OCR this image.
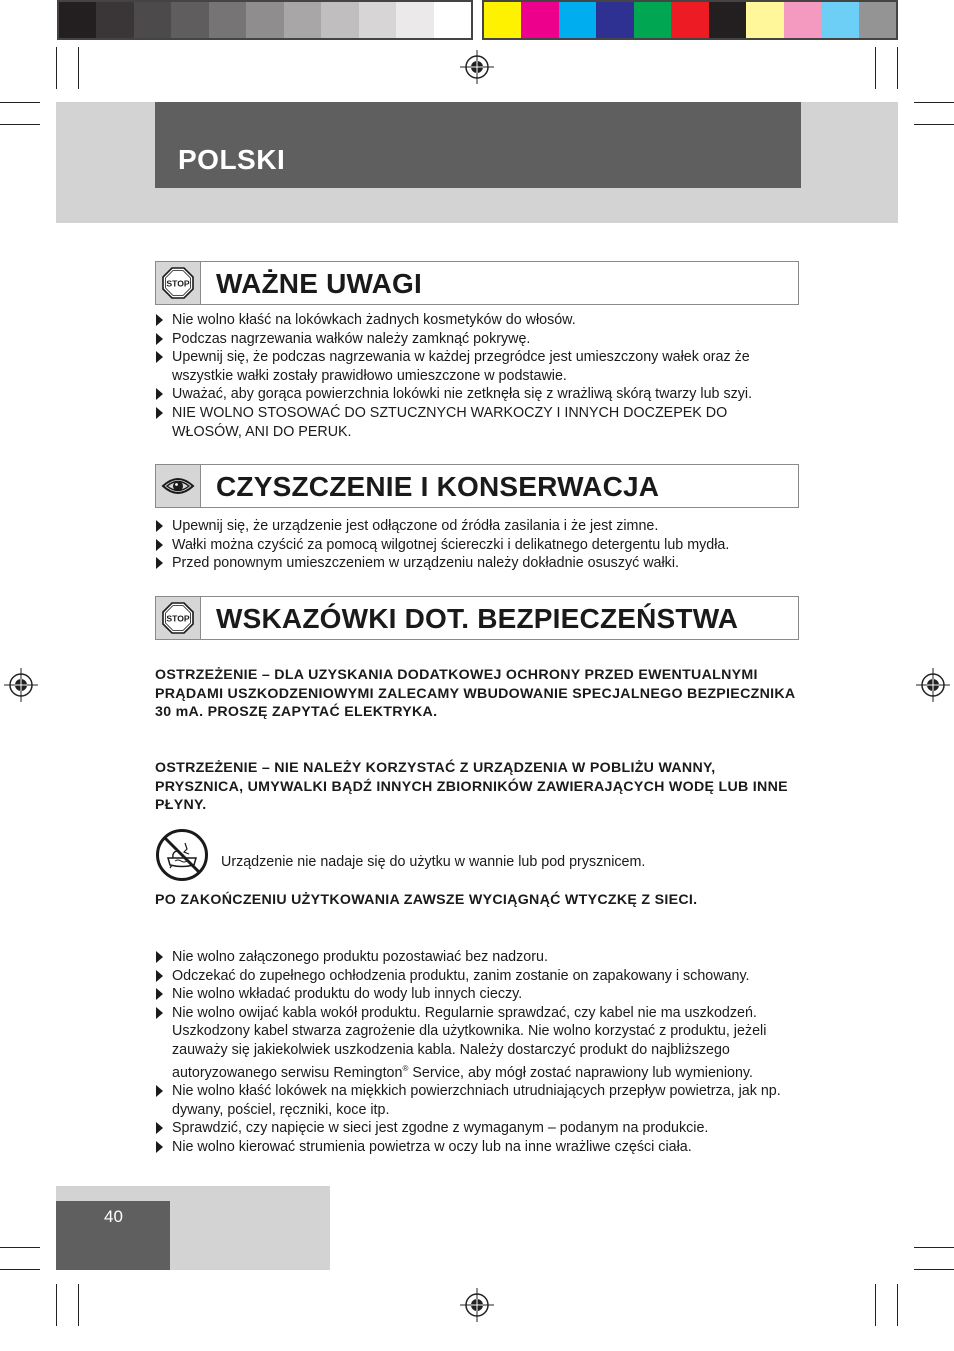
POLSKI
STOP WAŻNE UWAGI
Nie wolno kłaść na lokówkach żadnych kosmetyków do włosów.
Podczas nagrzewania wałków należy zamknąć pokrywę.
Upewnij się, że podczas nagrzewania w każdej przegródce jest umieszczony wałek oraz że wszystkie wałki zostały prawidłowo umieszczone w podstawie.
Uważać, aby gorąca powierzchnia lokówki nie zetknęła się z wrażliwą skórą twarzy lub szyi.
NIE WOLNO STOSOWAĆ DO SZTUCZNYCH WARKOCZY I INNYCH DOCZEPEK DO WŁOSÓW, ANI DO PERUK.
CZYSZCZENIE I KONSERWACJA
Upewnij się, że urządzenie jest odłączone od źródła zasilania i że jest zimne.
Wałki można czyścić za pomocą wilgotnej ściereczki i delikatnego detergentu lub mydła.
Przed ponownym umieszczeniem w urządzeniu należy dokładnie osuszyć wałki.
STOP WSKAZÓWKI DOT. BEZPIECZEŃSTWA
OSTRZEŻENIE – DLA UZYSKANIA DODATKOWEJ OCHRONY PRZED EWENTUALNYMI PRĄDAMI USZKODZENIOWYMI ZALECAMY WBUDOWANIE SPECJALNEGO BEZPIECZNIKA 30 mA. PROSZĘ ZAPYTAĆ ELEKTRYKA.
OSTRZEŻENIE – NIE NALEŻY KORZYSTAĆ Z URZĄDZENIA W POBLIŻU WANNY, PRYSZNICA, UMYWALKI BĄDŹ INNYCH ZBIORNIKÓW ZAWIERAJĄCYCH WODĘ LUB INNE PŁYNY.
Urządzenie nie nadaje się do użytku w wannie lub pod prysznicem.
PO ZAKOŃCZENIU UŻYTKOWANIA ZAWSZE WYCIĄGNĄĆ WTYCZKĘ Z SIECI.
Nie wolno załączonego produktu pozostawiać bez nadzoru.
Odczekać do zupełnego ochłodzenia produktu, zanim zostanie on zapakowany i schowany.
Nie wolno wkładać produktu do wody lub innych cieczy.
Nie wolno owijać kabla wokół produktu. Regularnie sprawdzać, czy kabel nie ma uszkodzeń. Uszkodzony kabel stwarza zagrożenie dla użytkownika. Nie wolno korzystać z produktu, jeżeli zauważy się jakiekolwiek uszkodzenia kabla. Należy dostarczyć produkt do najbliższego autoryzowanego serwisu Remington® Service, aby mógł zostać naprawiony lub wymieniony.
Nie wolno kłaść lokówek na miękkich powierzchniach utrudniających przepływ powietrza, jak np. dywany, pościel, ręczniki, koce itp.
Sprawdzić, czy napięcie w sieci jest zgodne z wymaganym – podanym na produkcie.
Nie wolno kierować strumienia powietrza w oczy lub na inne wrażliwe części ciała.
40
